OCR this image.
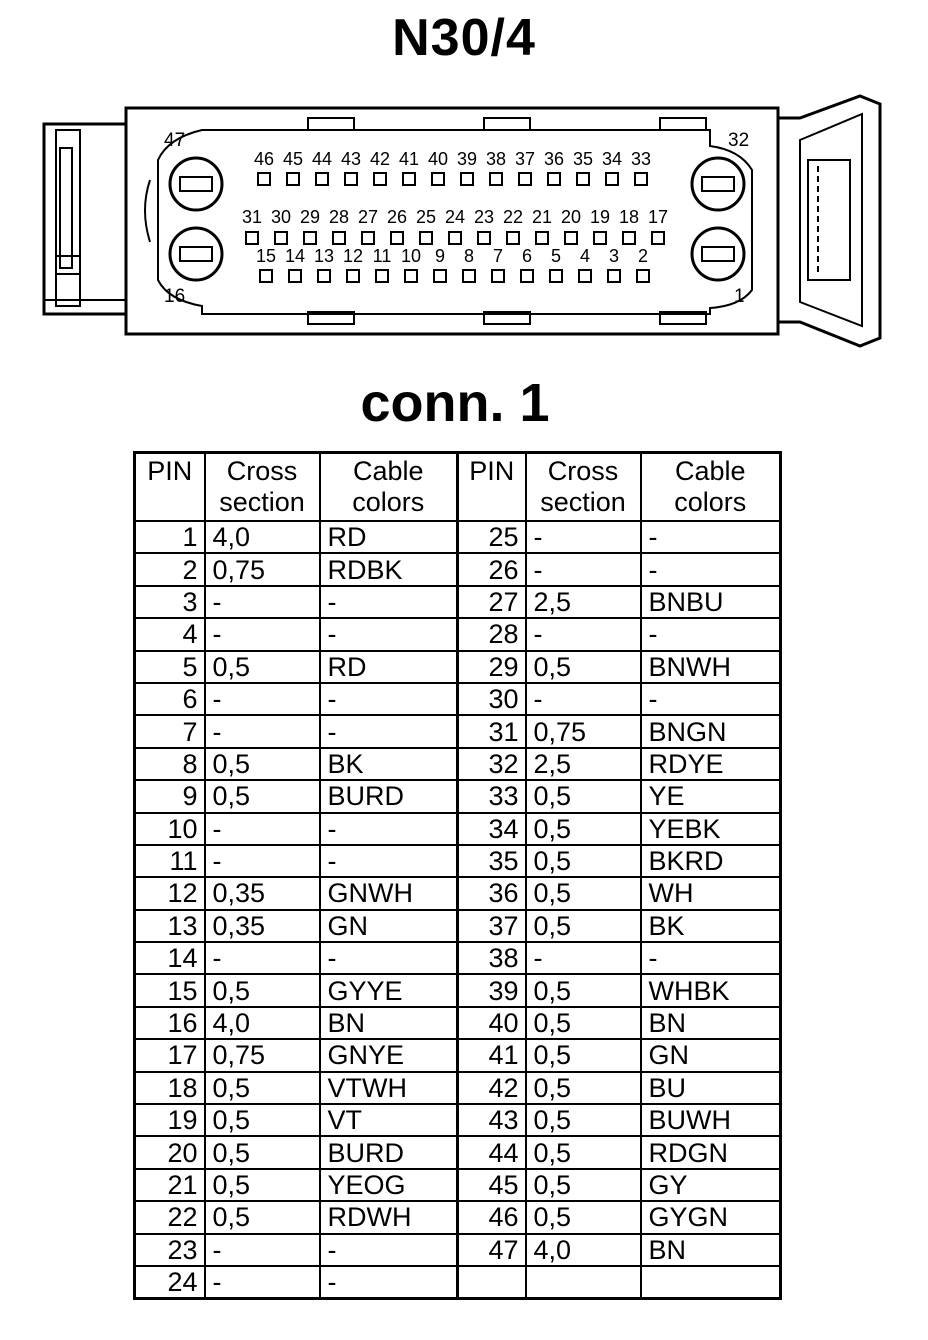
N30/4
47	32
16	1
46 45 44 43 42 41 40 39 38 37 36 35 34 33
31 30 29 28 27 26 25 24 23 22 21 20 19 18 17
15 14 13 12 11 10 9 8 7 6 5 4 3 2
conn. 1
PIN	Cross
section	Cable
colors	PIN	Cross
section	Cable
colors
1	4,0	RD	25	-	-
2	0,75	RDBK	26	-	-
3	-	-	27	2,5	BNBU
4	-	-	28	-	-
5	0,5	RD	29	0,5	BNWH
6	-	-	30	-	-
7	-	-	31	0,75	BNGN
8	0,5	BK	32	2,5	RDYE
9	0,5	BURD	33	0,5	YE
10	-	-	34	0,5	YEBK
11	-	-	35	0,5	BKRD
12	0,35	GNWH	36	0,5	WH
13	0,35	GN	37	0,5	BK
14	-	-	38	-	-
15	0,5	GYYE	39	0,5	WHBK
16	4,0	BN	40	0,5	BN
17	0,75	GNYE	41	0,5	GN
18	0,5	VTWH	42	0,5	BU
19	0,5	VT	43	0,5	BUWH
20	0,5	BURD	44	0,5	RDGN
21	0,5	YEOG	45	0,5	GY
22	0,5	RDWH	46	0,5	GYGN
23	-	-	47	4,0	BN
24	-	-			
